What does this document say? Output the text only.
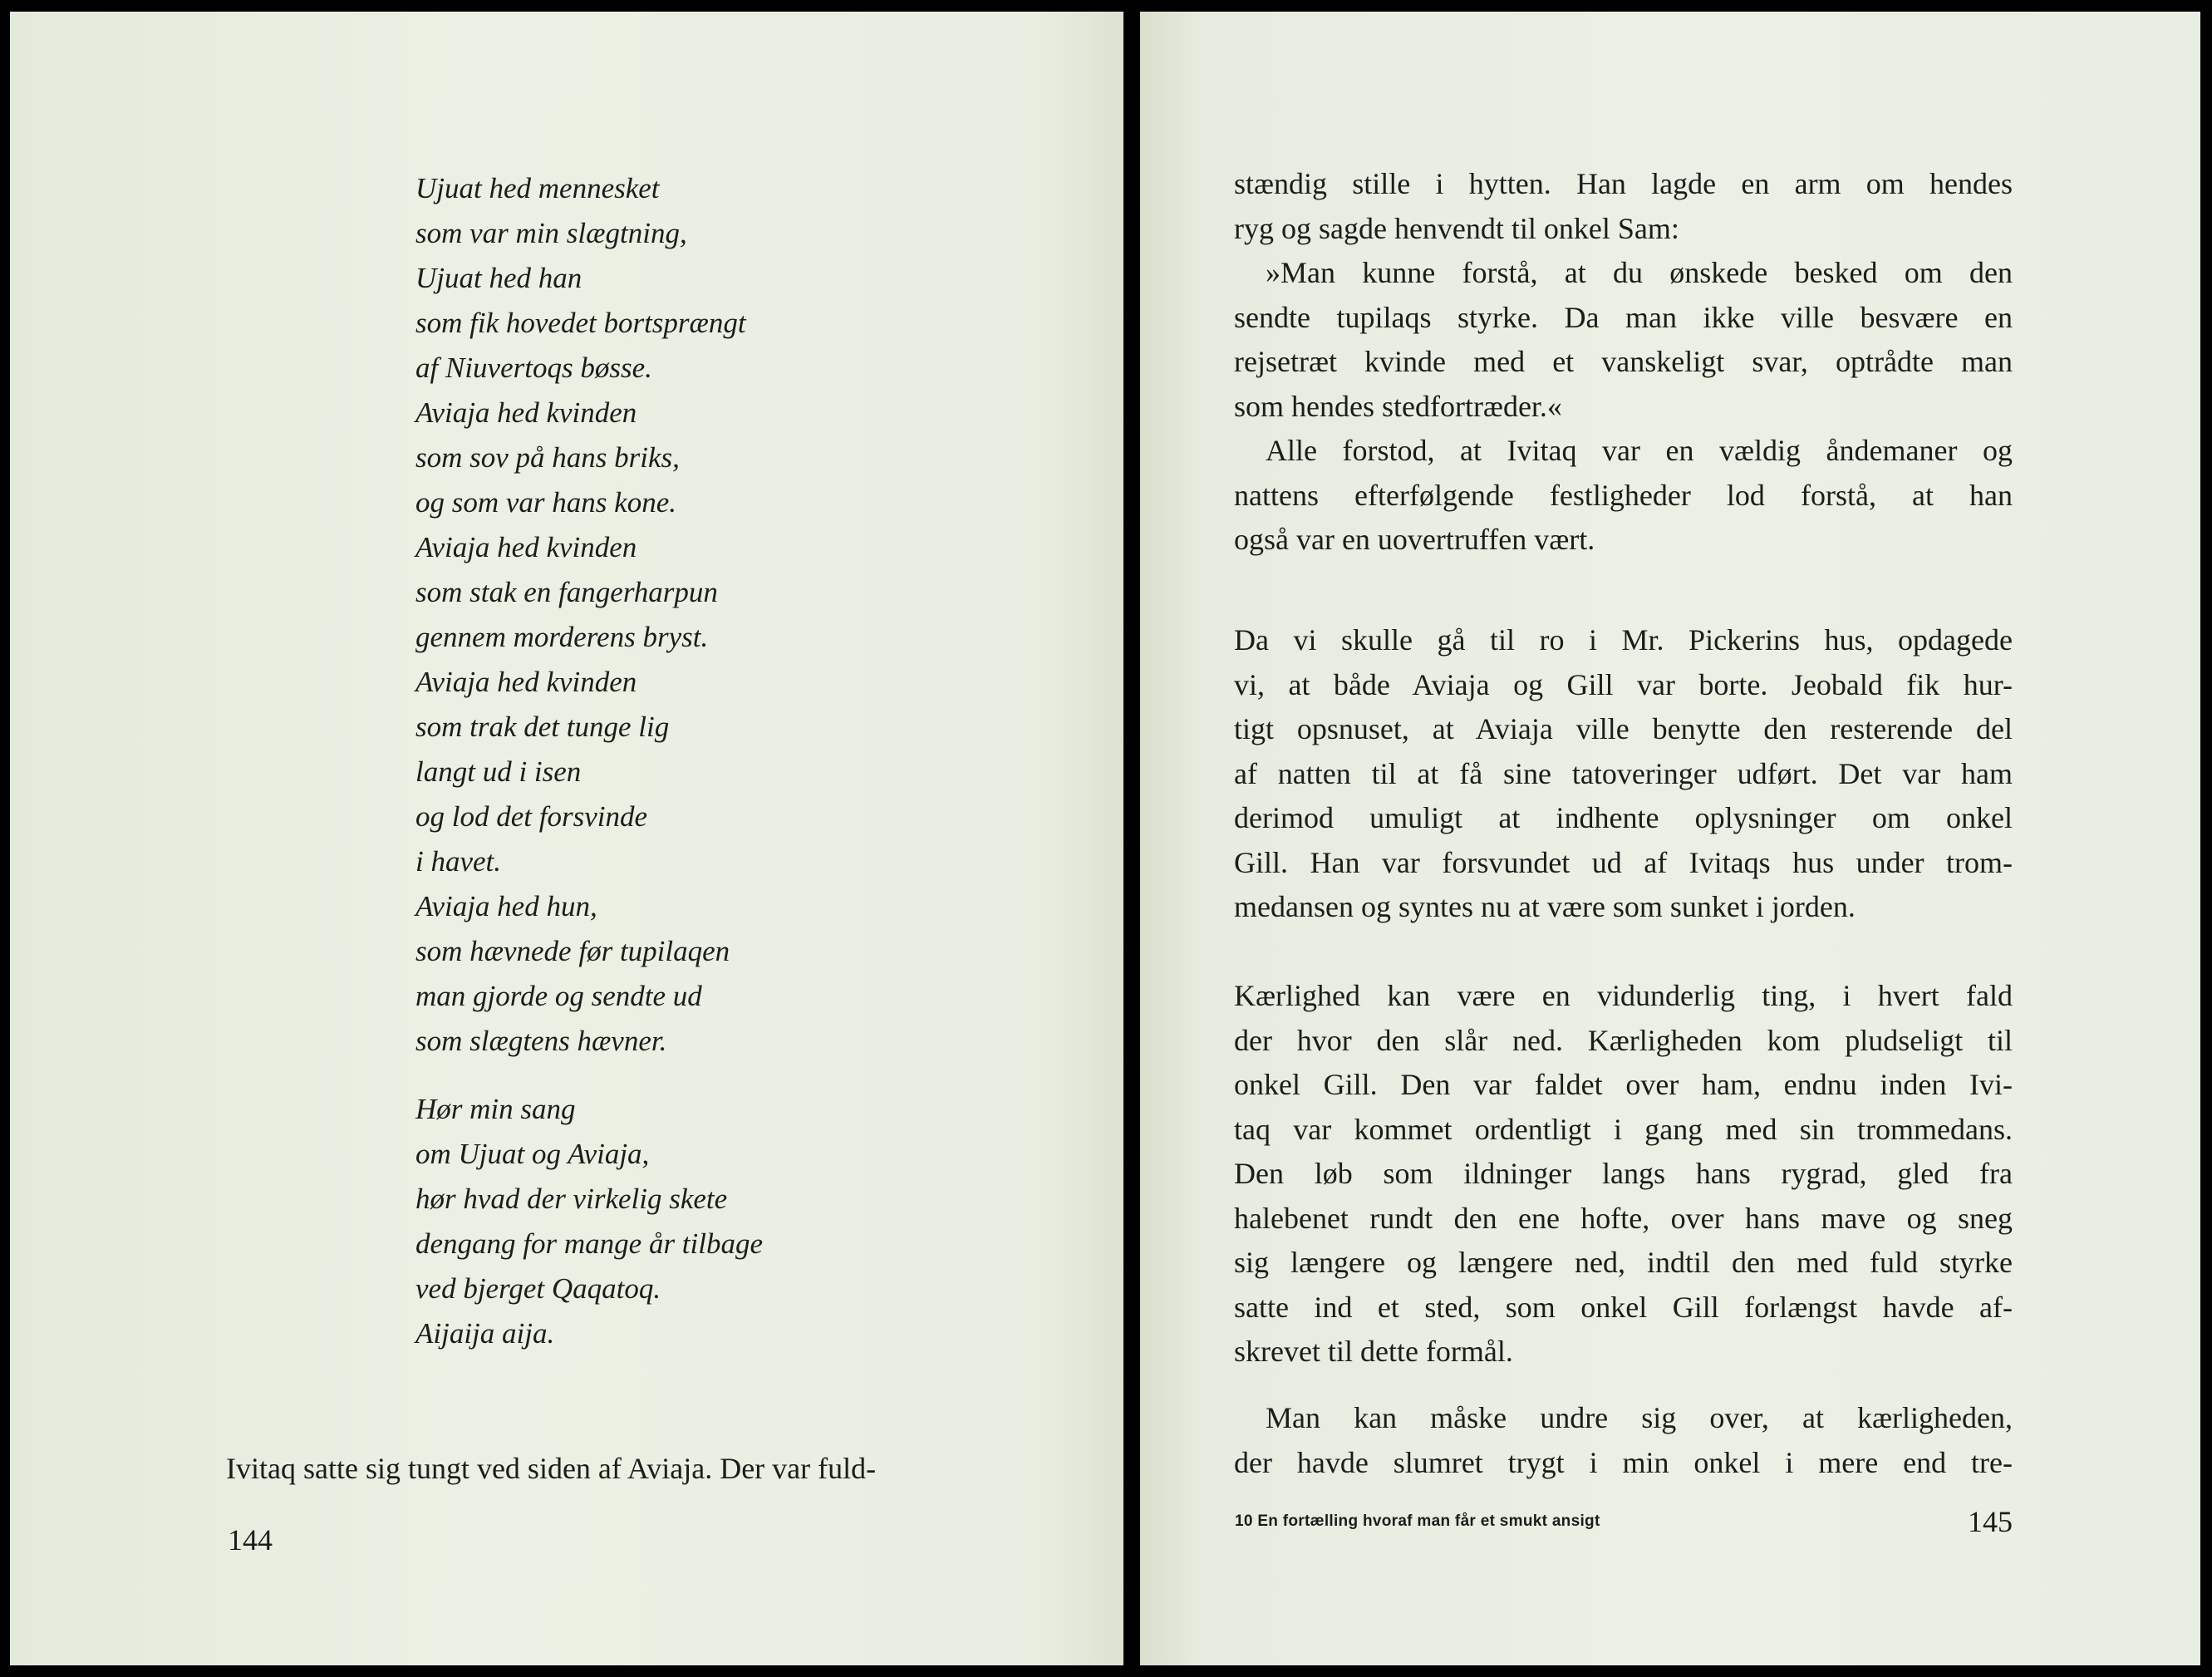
Ujuat hed mennesket
som var min slægtning,
Ujuat hed han
som fik hovedet bortsprængt
af Niuvertoqs bøsse.
Aviaja hed kvinden
som sov på hans briks,
og som var hans kone.
Aviaja hed kvinden
som stak en fangerharpun
gennem morderens bryst.
Aviaja hed kvinden
som trak det tunge lig
langt ud i isen
og lod det forsvinde
i havet.
Aviaja hed hun,
som hævnede før tupilaqen
man gjorde og sendte ud
som slægtens hævner.
Hør min sang
om Ujuat og Aviaja,
hør hvad der virkelig skete
dengang for mange år tilbage
ved bjerget Qaqatoq.
Aijaija aija.
Ivitaq satte sig tungt ved siden af Aviaja. Der var fuld-
144
stændig stille i hytten. Han lagde en arm om hendes
ryg og sagde henvendt til onkel Sam:
»Man kunne forstå, at du ønskede besked om den
sendte tupilaqs styrke. Da man ikke ville besvære en
rejsetræt kvinde med et vanskeligt svar, optrådte man
som hendes stedfortræder.«
Alle forstod, at Ivitaq var en vældig åndemaner og
nattens efterfølgende festligheder lod forstå, at han
også var en uovertruffen vært.
Da vi skulle gå til ro i Mr. Pickerins hus, opdagede
vi, at både Aviaja og Gill var borte. Jeobald fik hur-
tigt opsnuset, at Aviaja ville benytte den resterende del
af natten til at få sine tatoveringer udført. Det var ham
derimod umuligt at indhente oplysninger om onkel
Gill. Han var forsvundet ud af Ivitaqs hus under trom-
medansen og syntes nu at være som sunket i jorden.
Kærlighed kan være en vidunderlig ting, i hvert fald
der hvor den slår ned. Kærligheden kom pludseligt til
onkel Gill. Den var faldet over ham, endnu inden Ivi-
taq var kommet ordentligt i gang med sin trommedans.
Den løb som ildninger langs hans rygrad, gled fra
halebenet rundt den ene hofte, over hans mave og sneg
sig længere og længere ned, indtil den med fuld styrke
satte ind et sted, som onkel Gill forlængst havde af-
skrevet til dette formål.
Man kan måske undre sig over, at kærligheden,
der havde slumret trygt i min onkel i mere end tre-
10 En fortælling hvoraf man får et smukt ansigt	145
